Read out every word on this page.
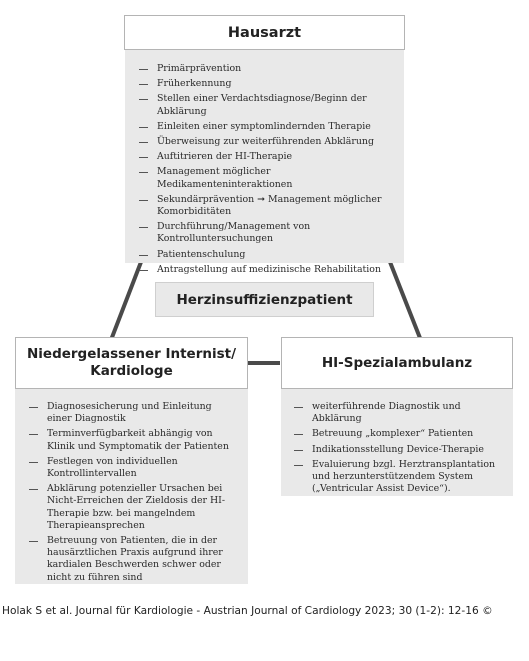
Hausarzt
Primärprävention
Früherkennung
Stellen einer Verdachtsdiagnose/Beginn der Abklärung
Einleiten einer symptomlindernden Therapie
Überweisung zur weiterführenden Abklärung
Auftitrieren der HI-Therapie
Management möglicher Medikamenteninteraktionen
Sekundärprävention ➞ Management möglicher Komorbiditäten
Durchführung/Management von Kontrolluntersuchungen
Patientenschulung
Antragstellung auf medizinische Rehabilitation
Herzinsuffizienzpatient
Niedergelassener Internist/ Kardiologe
Diagnosesicherung und Einleitung einer Diagnostik
Terminverfügbarkeit abhängig von Klinik und Symptomatik der Patienten
Festlegen von individuellen Kontrollintervallen
Abklärung potenzieller Ursachen bei Nicht-Erreichen der Zieldosis der HI-Therapie bzw. bei mangelndem Therapieansprechen
Betreuung von Patienten, die in der hausärztlichen Praxis aufgrund ihrer kardialen Beschwerden schwer oder nicht zu führen sind
HI-Spezialambulanz
weiterführende Diagnostik und Abklärung
Betreuung „komplexer“ Patienten
Indikationsstellung Device-Therapie
Evaluierung bzgl. Herztransplantation und herzunterstützendem System („Ventricular Assist Device“).
Holak S et al. Journal für Kardiologie - Austrian Journal of Cardiology 2023; 30 (1-2): 12-16 ©
